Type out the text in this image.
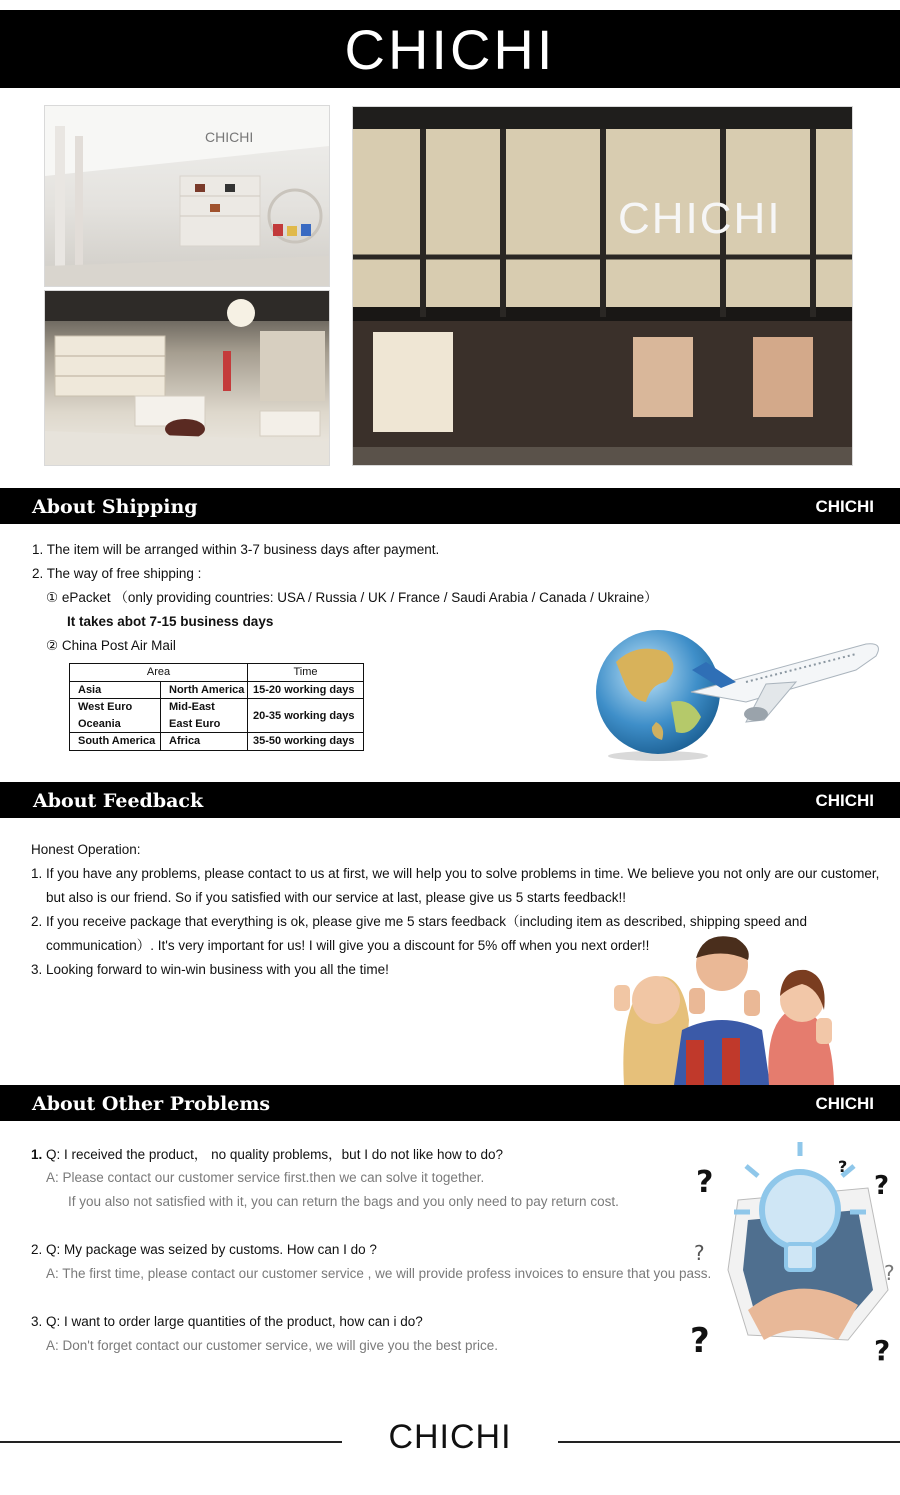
CHICHI
CHICHI
CHICHI
About Shipping	CHICHI
1. The item will be arranged within 3-7 business days after payment.
2. The way of free shipping :
① ePacket （only providing countries: USA / Russia / UK / France / Saudi Arabia / Canada / Ukraine）
It takes abot 7-15 business days
② China Post Air Mail
Area		Time
Asia	North America	15-20 working days
West Euro	Mid-East	20-35 working days
Oceania	East Euro	
South America	Africa	35-50 working days
About Feedback	CHICHI
Honest Operation:
1. If you have any problems, please contact to us at first, we will help you to solve problems in time. We believe you not only are our customer,
but also is our friend. So if you satisfied with our service at last, please give us 5 starts feedback!!
2. If you receive package that everything is ok, please give me 5 stars feedback（including item as described, shipping speed and
communication）. It's very important for us! I will give you a discount for 5% off when you next order!!
3. Looking forward to win-win business with you all the time!
About Other Problems	CHICHI
1. Q: I received the product， no quality problems，but I do not like how to do?
A: Please contact our customer service first.then we can solve it together.
If you also not satisfied with it, you can return the bags and you only need to pay return cost.
2. Q: My package was seized by customs. How can I do ?
A: The first time, please contact our customer service , we will provide profess invoices to ensure that you pass.
3. Q: I want to order large quantities of the product, how can i do?
A: Don't forget contact our customer service, we will give you the best price.
?	?
?
?
?	?
?
CHICHI
